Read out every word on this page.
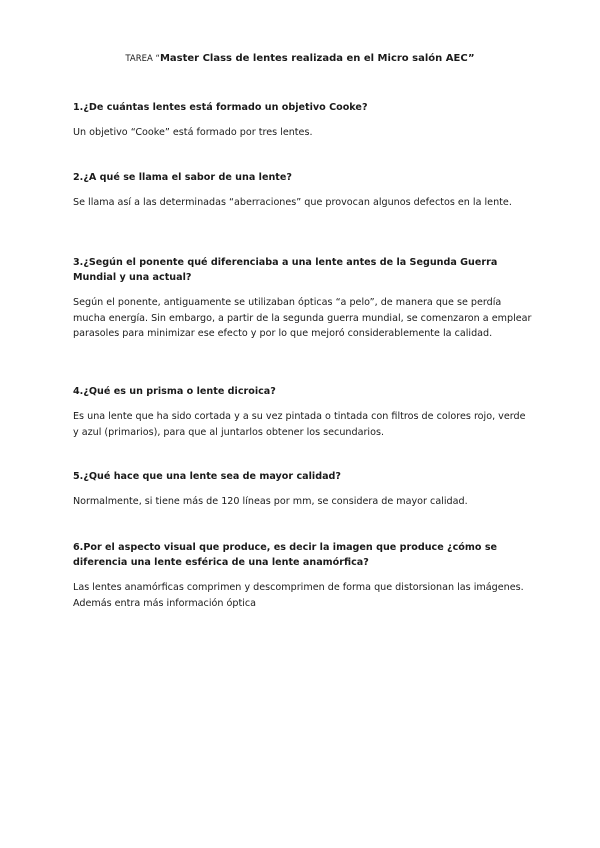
TAREA “Master Class de lentes realizada en el Micro salón AEC”

1.¿De cuántas lentes está formado un objetivo Cooke?

Un objetivo “Cooke” está formado por tres lentes.

2.¿A qué se llama el sabor de una lente?

Se llama así a las determinadas “aberraciones” que provocan algunos defectos en la lente.

3.¿Según el ponente qué diferenciaba a una lente antes de la Segunda Guerra Mundial y una actual?

Según el ponente, antiguamente se utilizaban ópticas “a pelo”, de manera que se perdía mucha energía. Sin embargo, a partir de la segunda guerra mundial, se comenzaron a emplear parasoles para minimizar ese efecto y por lo que mejoró considerablemente la calidad.

4.¿Qué es un prisma o lente dicroica?

Es una lente que ha sido cortada y a su vez pintada o tintada con filtros de colores rojo, verde y azul (primarios), para que al juntarlos obtener los secundarios.

5.¿Qué hace que una lente sea de mayor calidad?

Normalmente, si tiene más de 120 líneas por mm, se considera de mayor calidad.

6.Por el aspecto visual que produce, es decir la imagen que produce ¿cómo se diferencia una lente esférica de una lente anamórfica?

Las lentes anamórficas comprimen y descomprimen de forma que distorsionan las imágenes. Además entra más información óptica
